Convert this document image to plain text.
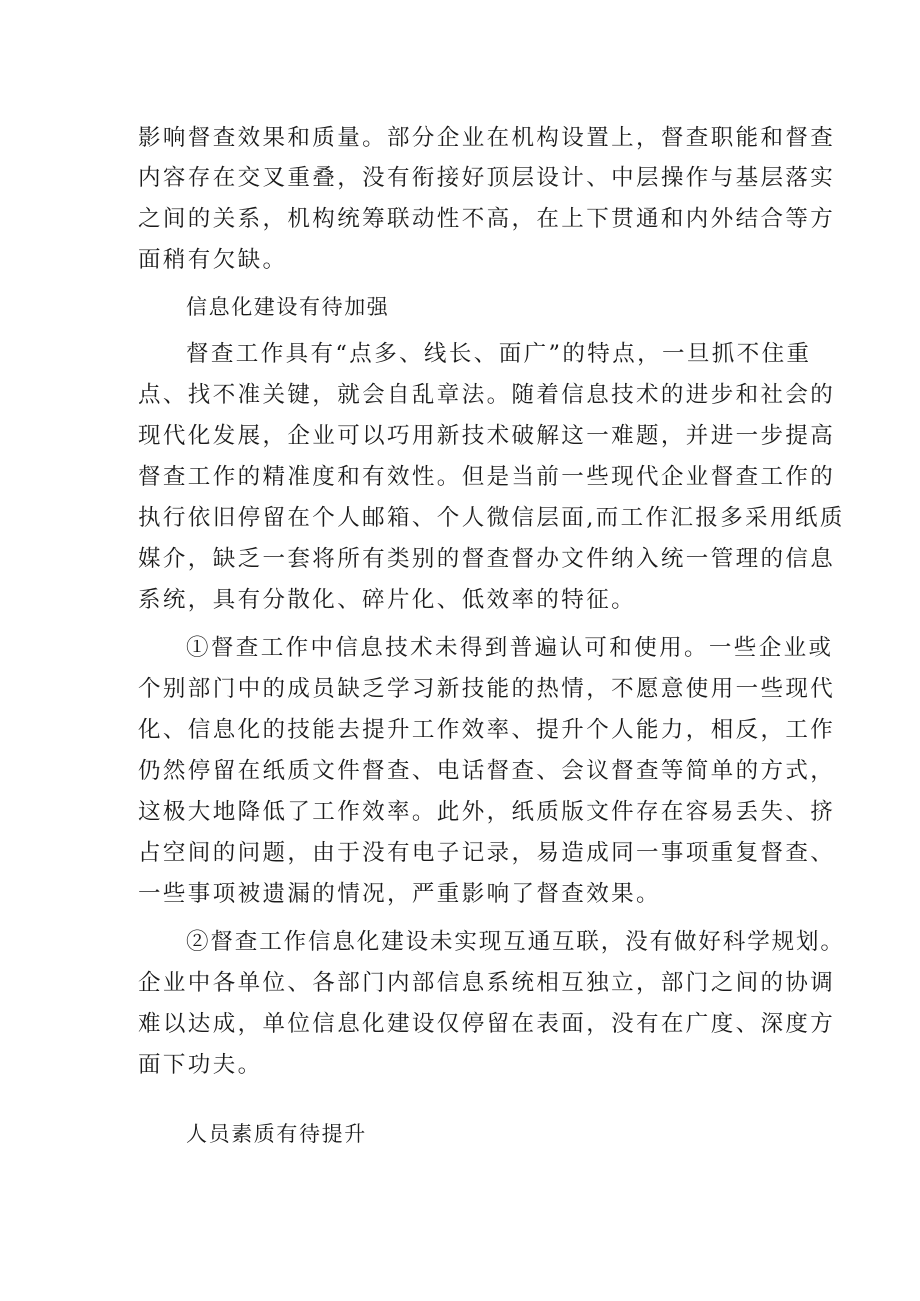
影响督查效果和质量。部分企业在机构设置上，督查职能和督查
内容存在交叉重叠，没有衔接好顶层设计、中层操作与基层落实
之间的关系，机构统筹联动性不高，在上下贯通和内外结合等方
面稍有欠缺。
信息化建设有待加强
督查工作具有“点多、线长、面广”的特点，一旦抓不住重
点、找不准关键，就会自乱章法。随着信息技术的进步和社会的
现代化发展，企业可以巧用新技术破解这一难题，并进一步提高
督查工作的精准度和有效性。但是当前一些现代企业督查工作的
执行依旧停留在个人邮箱、个人微信层面,而工作汇报多采用纸质
媒介，缺乏一套将所有类别的督查督办文件纳入统一管理的信息
系统，具有分散化、碎片化、低效率的特征。
①督查工作中信息技术未得到普遍认可和使用。一些企业或
个别部门中的成员缺乏学习新技能的热情，不愿意使用一些现代
化、信息化的技能去提升工作效率、提升个人能力，相反，工作
仍然停留在纸质文件督查、电话督查、会议督查等简单的方式，
这极大地降低了工作效率。此外，纸质版文件存在容易丢失、挤
占空间的问题，由于没有电子记录，易造成同一事项重复督查、
一些事项被遗漏的情况，严重影响了督查效果。
②督查工作信息化建设未实现互通互联，没有做好科学规划。
企业中各单位、各部门内部信息系统相互独立，部门之间的协调
难以达成，单位信息化建设仅停留在表面，没有在广度、深度方
面下功夫。
人员素质有待提升
